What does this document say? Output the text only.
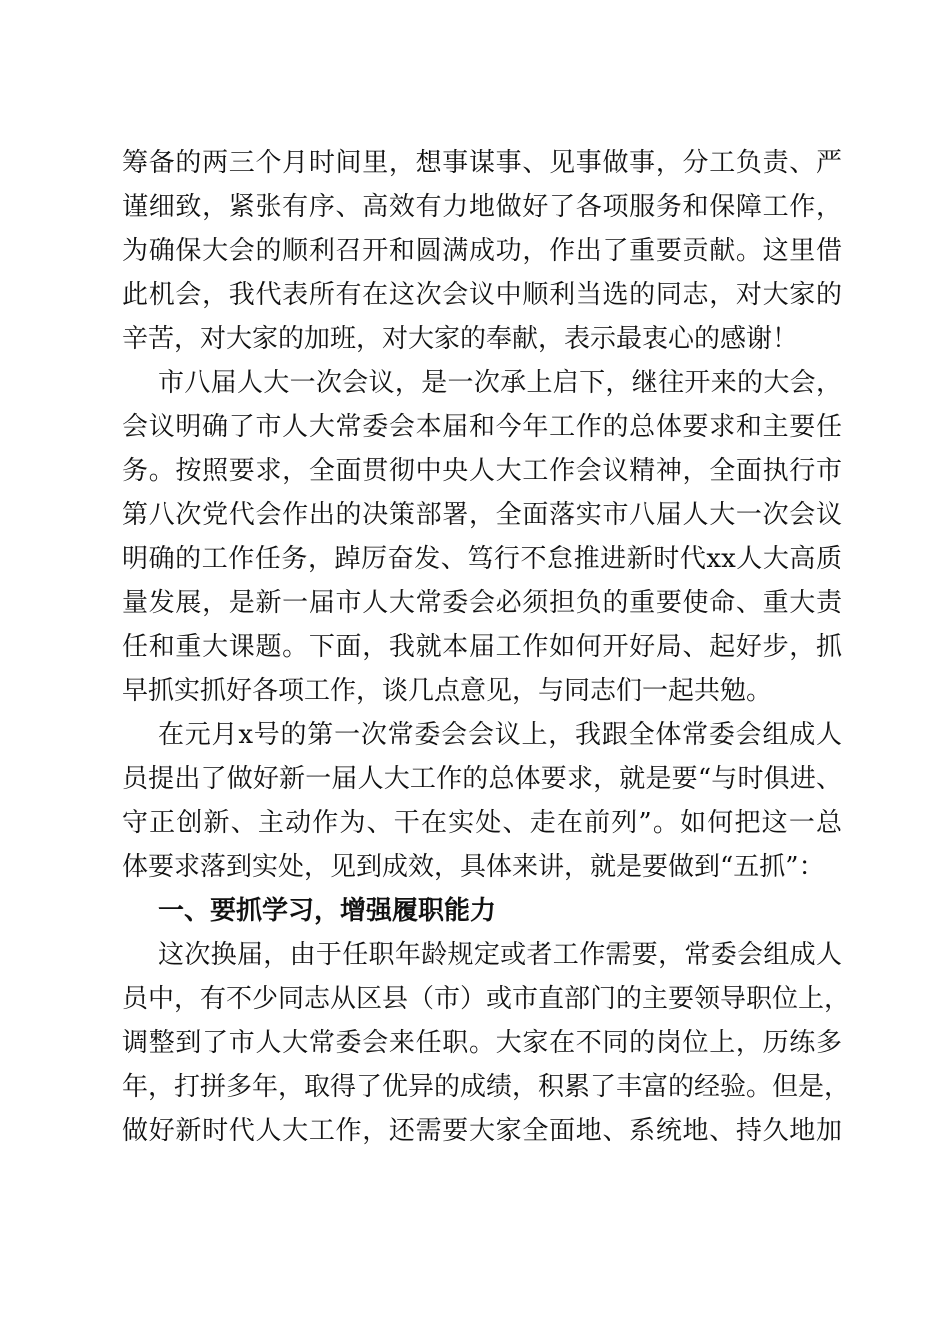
筹备的两三个月时间里，想事谋事、见事做事，分工负责、严
谨细致，紧张有序、高效有力地做好了各项服务和保障工作，
为确保大会的顺利召开和圆满成功，作出了重要贡献。这里借
此机会，我代表所有在这次会议中顺利当选的同志，对大家的
辛苦，对大家的加班，对大家的奉献，表示最衷心的感谢！
市八届人大一次会议，是一次承上启下，继往开来的大会，
会议明确了市人大常委会本届和今年工作的总体要求和主要任
务。按照要求，全面贯彻中央人大工作会议精神，全面执行市
第八次党代会作出的决策部署，全面落实市八届人大一次会议
明确的工作任务，踔厉奋发、笃行不怠推进新时代xx人大高质
量发展，是新一届市人大常委会必须担负的重要使命、重大责
任和重大课题。下面，我就本届工作如何开好局、起好步，抓
早抓实抓好各项工作，谈几点意见，与同志们一起共勉。
在元月x号的第一次常委会会议上，我跟全体常委会组成人
员提出了做好新一届人大工作的总体要求，就是要“与时俱进、
守正创新、主动作为、干在实处、走在前列”。如何把这一总
体要求落到实处，见到成效，具体来讲，就是要做到“五抓”：
一、要抓学习，增强履职能力
这次换届，由于任职年龄规定或者工作需要，常委会组成人
员中，有不少同志从区县（市）或市直部门的主要领导职位上，
调整到了市人大常委会来任职。大家在不同的岗位上，历练多
年，打拼多年，取得了优异的成绩，积累了丰富的经验。但是，
做好新时代人大工作，还需要大家全面地、系统地、持久地加
